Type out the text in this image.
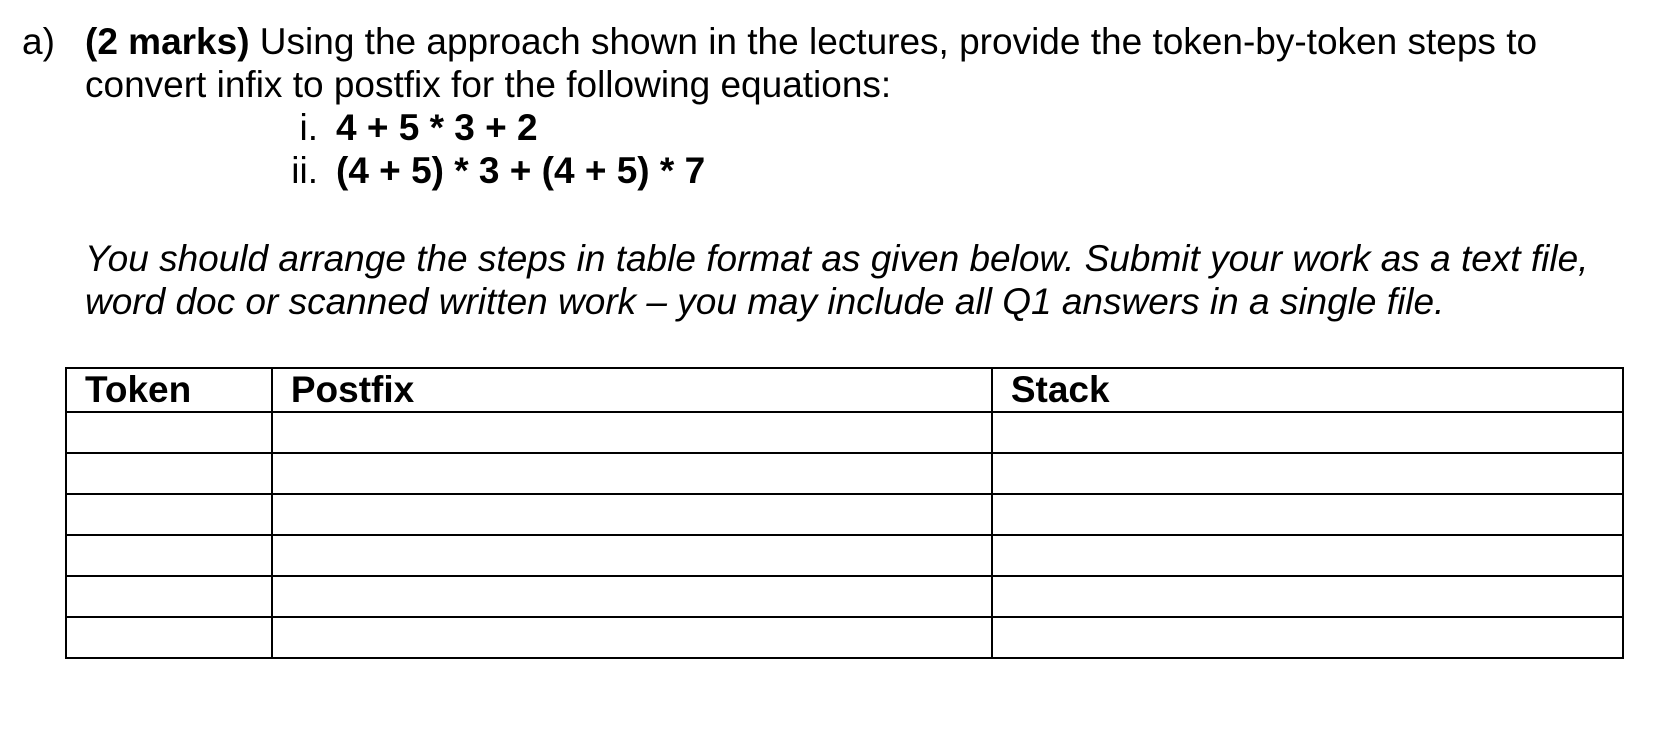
a) (2 marks) Using the approach shown in the lectures, provide the token-by-token steps to convert infix to postfix for the following equations:
i. 4 + 5 * 3 + 2
ii. (4 + 5) * 3 + (4 + 5) * 7
You should arrange the steps in table format as given below. Submit your work as a text file, word doc or scanned written work – you may include all Q1 answers in a single file.
Token	Postfix	Stack
